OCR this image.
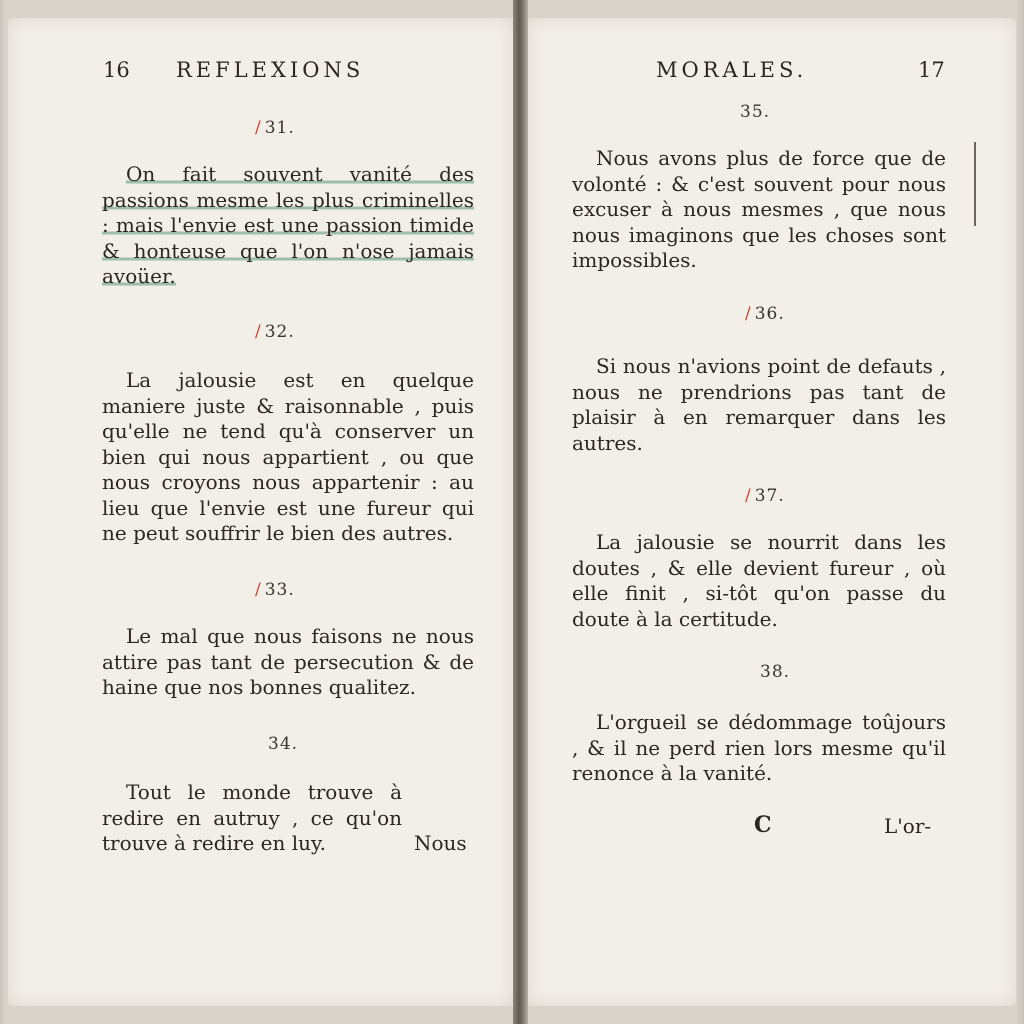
16 REFLEXIONS
/ 31.
On fait souvent vanité des passions mesme les plus criminelles : mais l'envie est une passion timide & honteuse que l'on n'ose jamais avoüer.
/ 32.
La jalousie est en quelque maniere juste & raisonnable , puis qu'elle ne tend qu'à conserver un bien qui nous appartient , ou que nous croyons nous appartenir : au lieu que l'envie est une fureur qui ne peut souffrir le bien des autres.
/ 33.
Le mal que nous faisons ne nous attire pas tant de persecution & de haine que nos bonnes qualitez.
34.
Tout le monde trouve à redire en autruy , ce qu'on trouve à redire en luy.	Nous
MORALES.	17
35.
Nous avons plus de force que de volonté : & c'est souvent pour nous excuser à nous mesmes , que nous nous imaginons que les choses sont impossibles.
/ 36.
Si nous n'avions point de defauts , nous ne prendrions pas tant de plaisir à en remarquer dans les autres.
/ 37.
La jalousie se nourrit dans les doutes , & elle devient fureur , où elle finit , si-tôt qu'on passe du doute à la certitude.
38.
L'orgueil se dédommage toûjours , & il ne perd rien lors mesme qu'il renonce à la vanité.
C	L'or-
